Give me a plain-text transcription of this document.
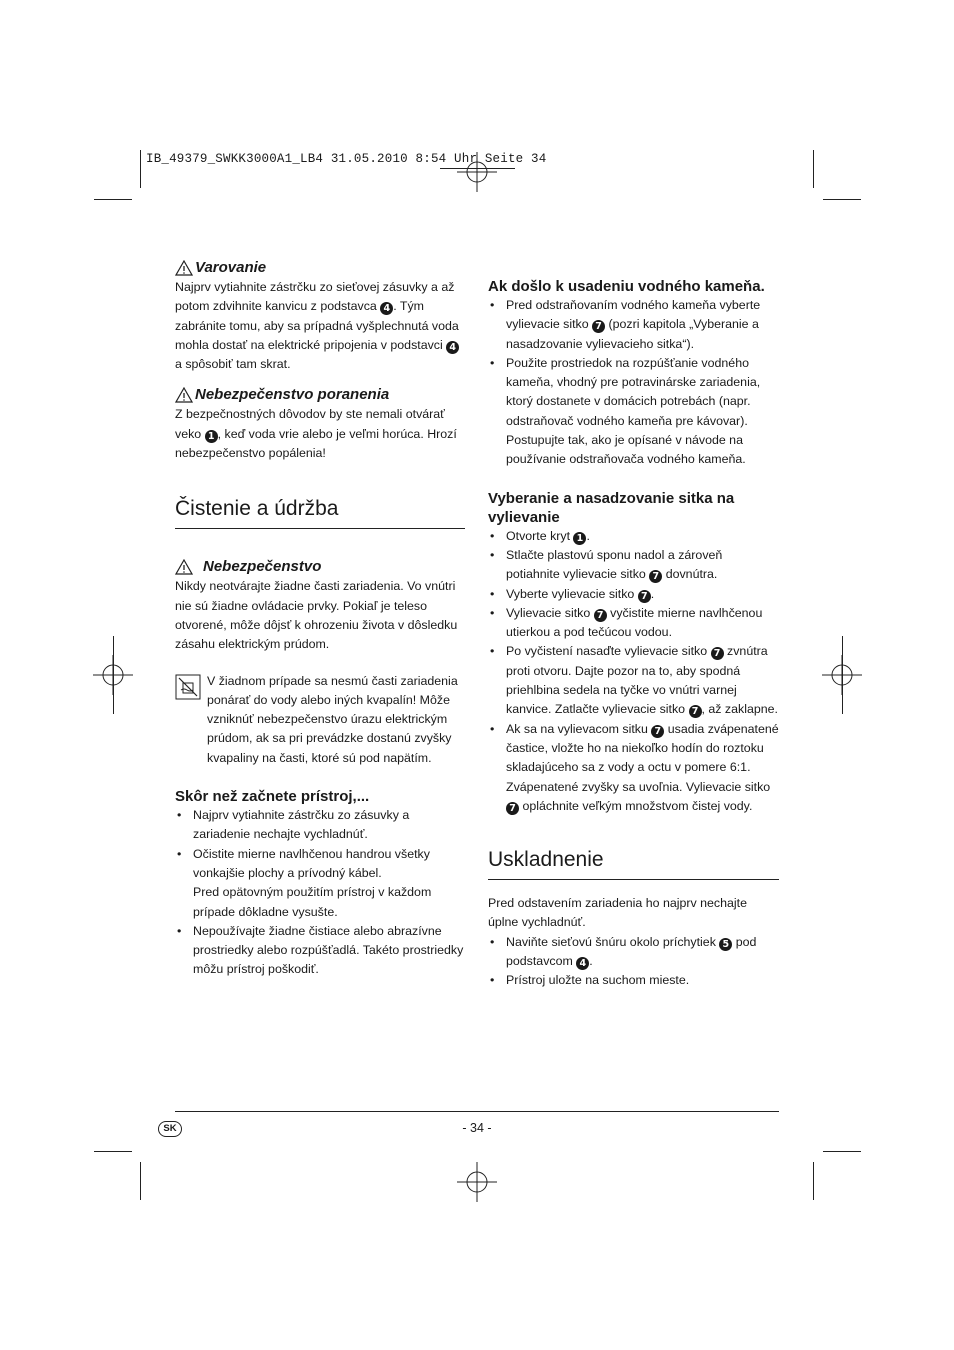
IB_49379_SWKK3000A1_LB4 31.05.2010 8:54 Uhr Seite 34

Varovanie

Najprv vytiahnite zástrčku zo sieťovej zásuvky a až potom zdvihnite kanvicu z podstavca 4 . Tým zabránite tomu, aby sa prípadná vyšplechnutá voda mohla dostať na elektrické pripojenia v podstavci 4 a spôsobiť tam skrat.

Nebezpečenstvo poranenia

Z bezpečnostných dôvodov by ste nemali otvárať veko 1 , keď voda vrie alebo je veľmi horúca. Hrozí nebezpečenstvo popálenia!

Čistenie a údržba

Nebezpečenstvo

Nikdy neotvárajte žiadne časti zariadenia. Vo vnútri nie sú žiadne ovládacie prvky. Pokiaľ je teleso otvorené, môže dôjsť k ohrozeniu života v dôsledku zásahu elektrickým prúdom.

V žiadnom prípade sa nesmú časti zariadenia ponárať do vody alebo iných kvapalín! Môže vzniknúť nebezpečenstvo úrazu elektrickým prúdom, ak sa pri prevádzke dostanú zvyšky kvapaliny na časti, ktoré sú pod napätím.

Skôr než začnete prístroj,...

• Najprv vytiahnite zástrčku zo zásuvky a zariadenie nechajte vychladnúť.
• Očistite mierne navlhčenou handrou všetky vonkajšie plochy a prívodný kábel.
Pred opätovným použitím prístroj v každom prípade dôkladne vysušte.
• Nepoužívajte žiadne čistiace alebo abrazívne prostriedky alebo rozpúšťadlá. Takéto prostriedky môžu prístroj poškodiť.

Ak došlo k usadeniu vodného kameňa.

• Pred odstraňovaním vodného kameňa vyberte vylievacie sitko 7 (pozri kapitola „Vyberanie a nasadzovanie vylievacieho sitka“).
• Použite prostriedok na rozpúšťanie vodného kameňa, vhodný pre potravinárske zariadenia, ktorý dostanete v domácich potrebách (napr. odstraňovač vodného kameňa pre kávovar). Postupujte tak, ako je opísané v návode na používanie odstraňovača vodného kameňa.

Vyberanie a nasadzovanie sitka na vylievanie

• Otvorte kryt 1 .
• Stlačte plastovú sponu nadol a zároveň potiahnite vylievacie sitko 7 dovnútra.
• Vyberte vylievacie sitko 7 .
• Vylievacie sitko 7 vyčistite mierne navlhčenou utierkou a pod tečúcou vodou.
• Po vyčistení nasaďte vylievacie sitko 7 zvnútra proti otvoru. Dajte pozor na to, aby spodná priehlbina sedela na tyčke vo vnútri varnej kanvice. Zatlačte vylievacie sitko 7 , až zaklapne.
• Ak sa na vylievacom sitku 7 usadia zvápenatené častice, vložte ho na niekoľko hodín do roztoku skladajúceho sa z vody a octu v pomere 6:1. Zvápenatené zvyšky sa uvoľnia. Vylievacie sitko 7 opláchnite veľkým množstvom čistej vody.
Uskladnenie

Pred odstavením zariadenia ho najprv nechajte úplne vychladnúť.

• Naviňte sieťovú šnúru okolo príchytiek 5 pod podstavcom 4 .
• Prístroj uložte na suchom mieste.
SK	- 34 -
